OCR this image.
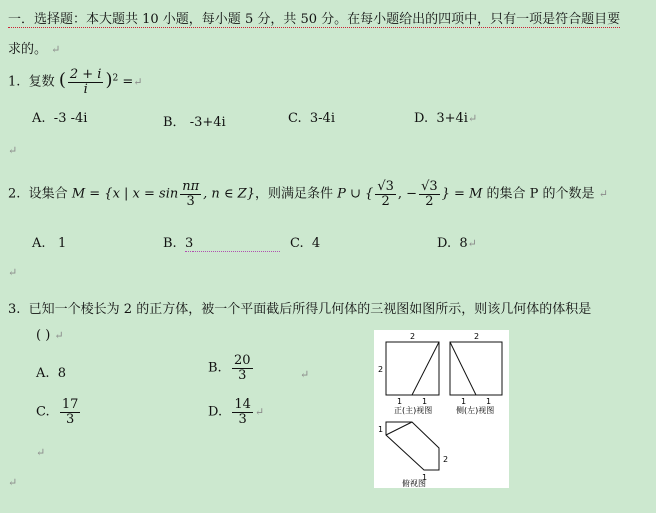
一．选择题：本大题共 10 小题，每小题 5 分，共 50 分。在每小题给出的四项中，只有一项是符合题目要
求的。 ↵
1. 复数 ( $\frac{2 + i}{i} )^2$ =↵
A. -3 -4i	B． -3+4i	C. 3-4i	D. 3+4i↵
↵
2. 设集合 M = {x | $x = \sin \frac{n\pi}{3}$ , n ∈ Z}，则满足条件 P ∪ { $\frac{√3}{2}$ , − $\frac{√3}{2}$ } = M 的集合 P 的个数是 ↵
A. 1	B. 3	C. 4	D. 8↵
↵
3. 已知一个棱长为 2 的正方体，被一个平面截后所得几何体的三视图如图所示，则该几何体的体积是
( ) ↵
A. 8	B. $\frac{20}{3}$	↵
C. $\frac{17}{3}$	D. $\frac{14}{3}$ ↵
↵
↵
2
2
1 1
正(主)视图
2
1 1
侧(左)视图
1
2
1
俯视图
